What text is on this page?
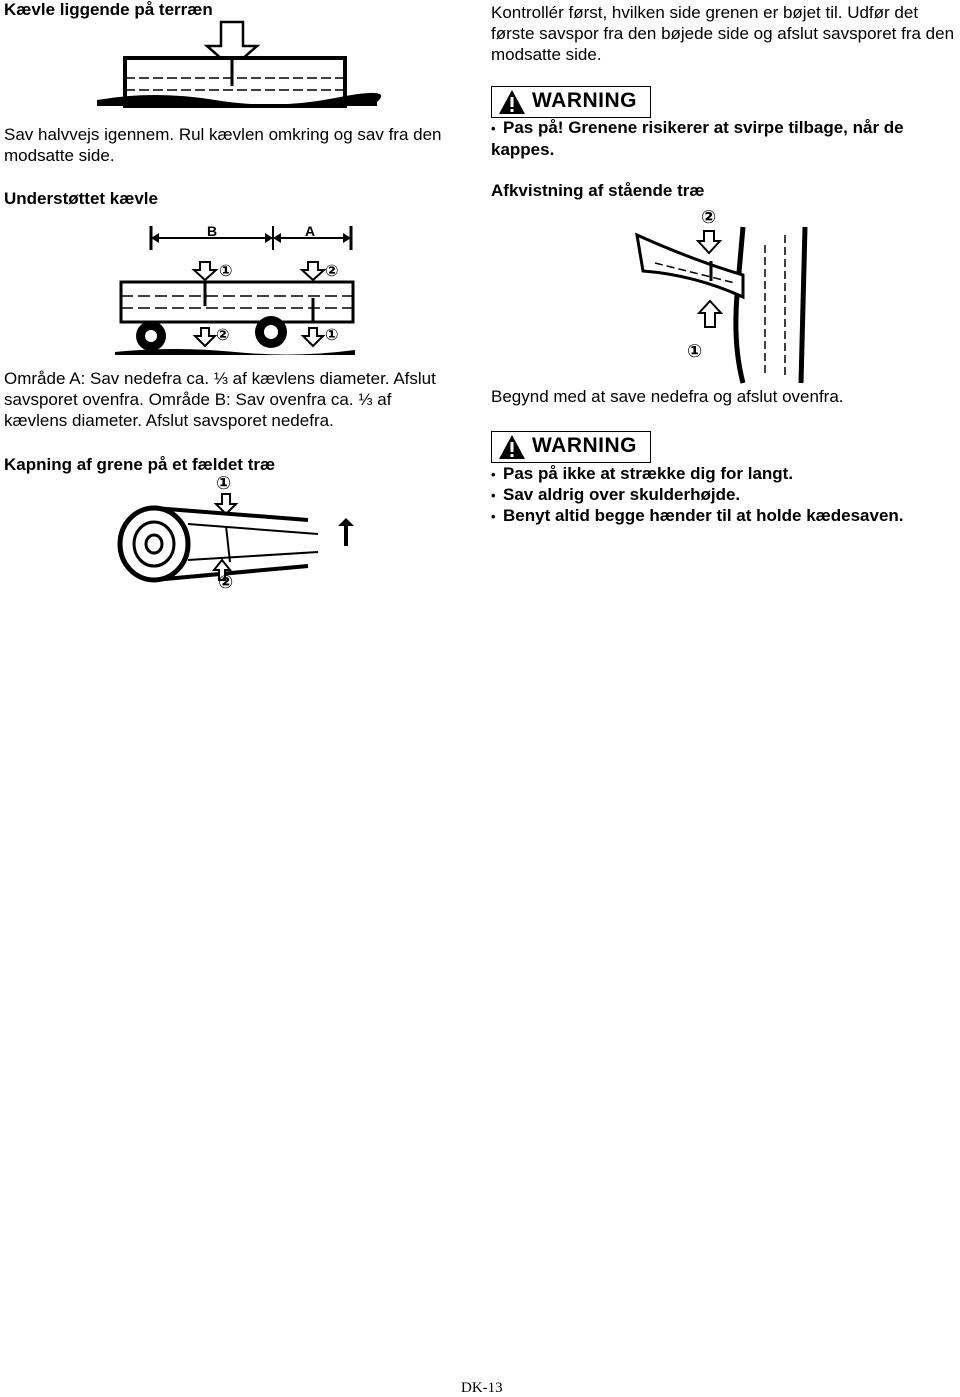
Kævle liggende på terræn
Sav halvvejs igennem. Rul kævlen omkring og sav fra den modsatte side.
Understøttet kævle
B	A
①	②
②	①
Område A: Sav nedefra ca. ⅓ af kævlens diameter. Afslut savsporet ovenfra. Område B: Sav ovenfra ca. ⅓ af kævlens diameter. Afslut savsporet nedefra.
Kapning af grene på et fældet træ
①
②
Kontrollér først, hvilken side grenen er bøjet til. Udfør det første savspor fra den bøjede side og afslut savsporet fra den modsatte side.
WARNING
• Pas på! Grenene risikerer at svirpe tilbage, når de kappes.
Afkvistning af stående træ
②
①
Begynd med at save nedefra og afslut ovenfra.
WARNING
• Pas på ikke at strække dig for langt.
• Sav aldrig over skulderhøjde.
• Benyt altid begge hænder til at holde kædesaven.
DK-13
